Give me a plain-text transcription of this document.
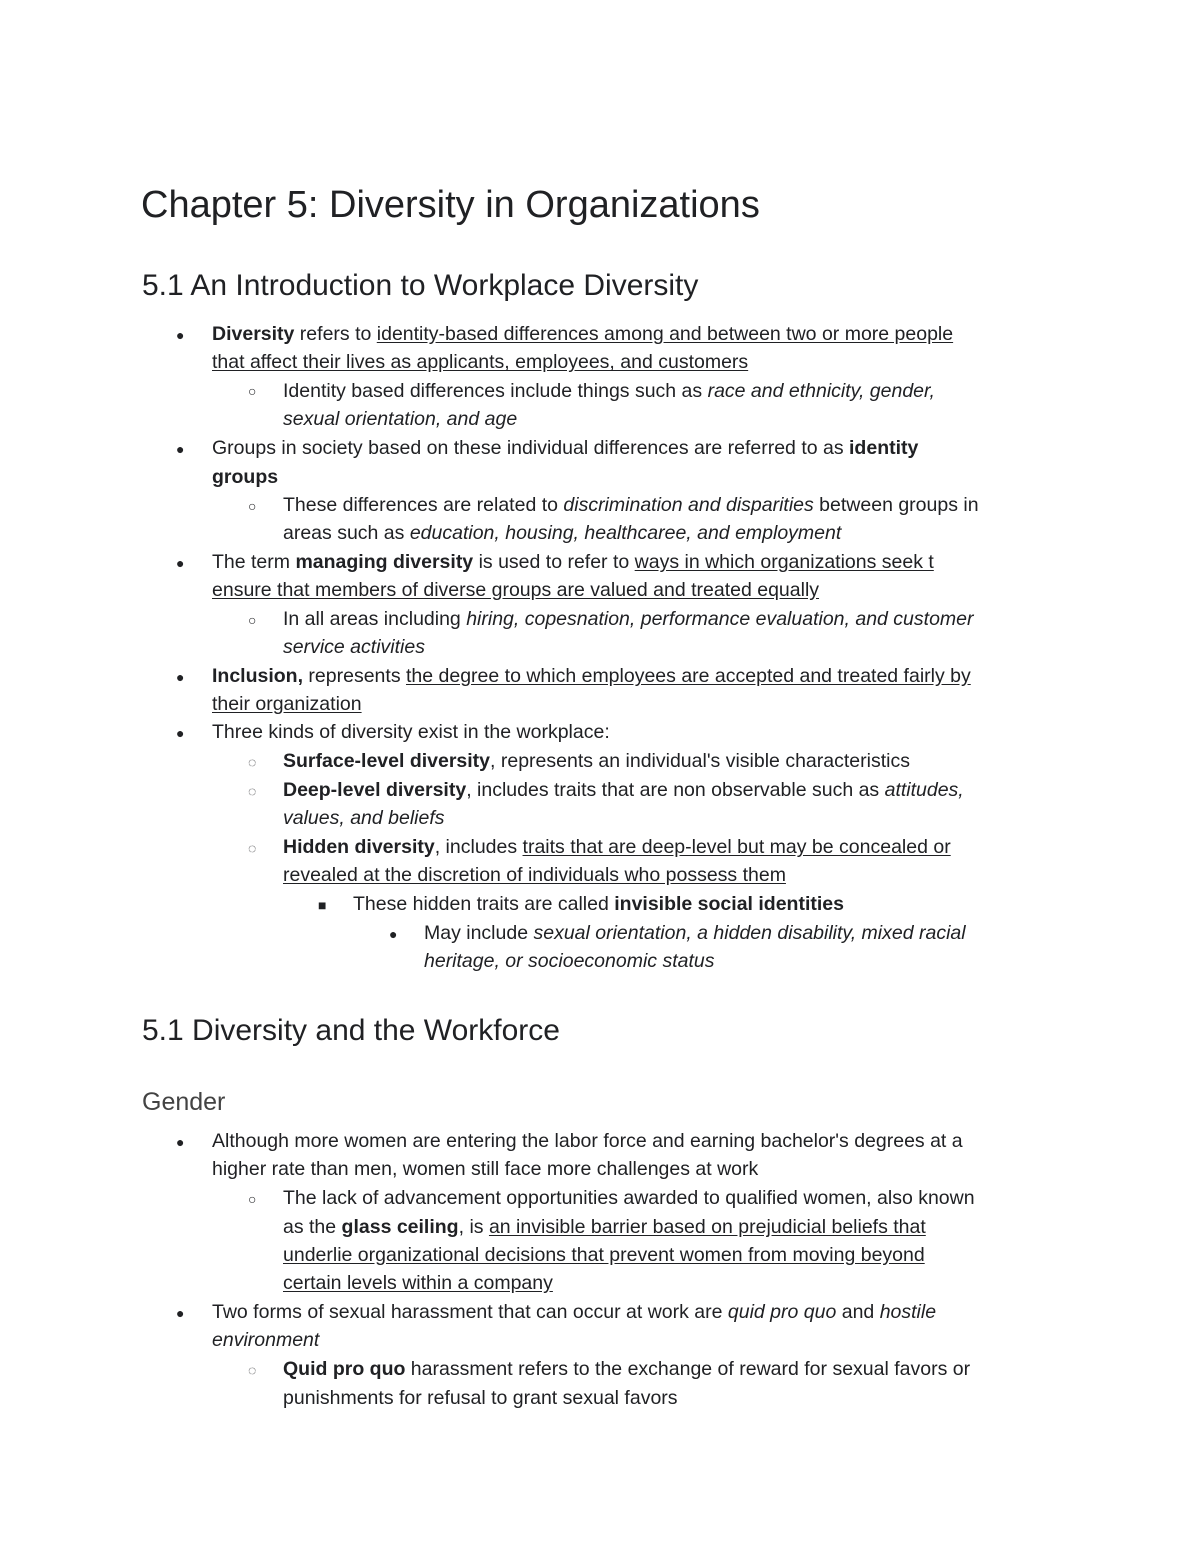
Chapter 5: Diversity in Organizations
5.1 An Introduction to Workplace Diversity
● Diversity refers to identity-based differences among and between two or more people
that affect their lives as applicants, employees, and customers
○ Identity based differences include things such as race and ethnicity, gender,
sexual orientation, and age
● Groups in society based on these individual differences are referred to as identity
groups
○ These differences are related to discrimination and disparities between groups in
areas such as education, housing, healthcaree, and employment
● The term managing diversity is used to refer to ways in which organizations seek t
ensure that members of diverse groups are valued and treated equally
○ In all areas including hiring, copesnation, performance evaluation, and customer
service activities
● Inclusion, represents the degree to which employees are accepted and treated fairly by
their organization
● Three kinds of diversity exist in the workplace:
◌ Surface-level diversity, represents an individual's visible characteristics
◌ Deep-level diversity, includes traits that are non observable such as attitudes,
values, and beliefs
◌ Hidden diversity, includes traits that are deep-level but may be concealed or
revealed at the discretion of individuals who possess them
■ These hidden traits are called invisible social identities
● May include sexual orientation, a hidden disability, mixed racial
heritage, or socioeconomic status
5.1 Diversity and the Workforce
Gender
● Although more women are entering the labor force and earning bachelor's degrees at a
higher rate than men, women still face more challenges at work
○ The lack of advancement opportunities awarded to qualified women, also known
as the glass ceiling, is an invisible barrier based on prejudicial beliefs that
underlie organizational decisions that prevent women from moving beyond
certain levels within a company
● Two forms of sexual harassment that can occur at work are quid pro quo and hostile
environment
◌ Quid pro quo harassment refers to the exchange of reward for sexual favors or
punishments for refusal to grant sexual favors
